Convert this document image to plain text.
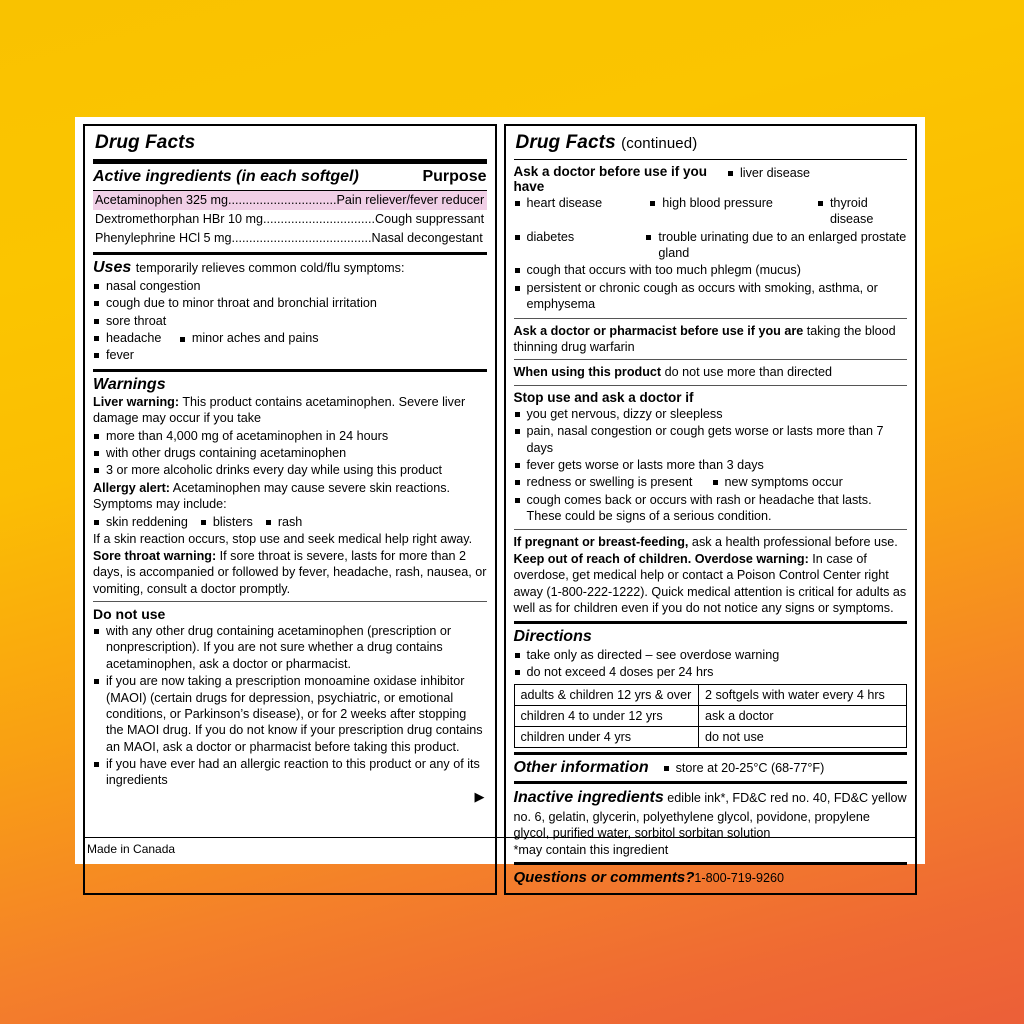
Drug Facts
Active ingredients (in each softgel)	Purpose
Acetaminophen 325 mg...............................Pain reliever/fever reducer
Dextromethorphan HBr 10 mg................................Cough suppressant
Phenylephrine HCl 5 mg........................................Nasal decongestant
Uses temporarily relieves common cold/flu symptoms:
nasal congestion
cough due to minor throat and bronchial irritation
sore throat
headache minor aches and pains
fever
Warnings
Liver warning: This product contains acetaminophen. Severe liver damage may occur if you take
more than 4,000 mg of acetaminophen in 24 hours
with other drugs containing acetaminophen
3 or more alcoholic drinks every day while using this product
Allergy alert: Acetaminophen may cause severe skin reactions. Symptoms may include:
skin reddening blisters rash
If a skin reaction occurs, stop use and seek medical help right away.
Sore throat warning: If sore throat is severe, lasts for more than 2 days, is accompanied or followed by fever, headache, rash, nausea, or vomiting, consult a doctor promptly.
Do not use
with any other drug containing acetaminophen (prescription or nonprescription). If you are not sure whether a drug contains acetaminophen, ask a doctor or pharmacist.
if you are now taking a prescription monoamine oxidase inhibitor (MAOI) (certain drugs for depression, psychiatric, or emotional conditions, or Parkinson’s disease), or for 2 weeks after stopping the MAOI drug. If you do not know if your prescription drug contains an MAOI, ask a doctor or pharmacist before taking this product.
if you have ever had an allergic reaction to this product or any of its ingredients
▶
Drug Facts (continued)
Ask a doctor before use if you have
liver disease
heart disease	high blood pressure	thyroid disease
diabetes	trouble urinating due to an enlarged prostate gland
cough that occurs with too much phlegm (mucus)
persistent or chronic cough as occurs with smoking, asthma, or emphysema
Ask a doctor or pharmacist before use if you are taking the blood thinning drug warfarin
When using this product do not use more than directed
Stop use and ask a doctor if
you get nervous, dizzy or sleepless
pain, nasal congestion or cough gets worse or lasts more than 7 days
fever gets worse or lasts more than 3 days
redness or swelling is present	new symptoms occur
cough comes back or occurs with rash or headache that lasts.
These could be signs of a serious condition.
If pregnant or breast-feeding, ask a health professional before use.
Keep out of reach of children. Overdose warning: In case of overdose, get medical help or contact a Poison Control Center right away (1-800-222-1222). Quick medical attention is critical for adults as well as for children even if you do not notice any signs or symptoms.
Directions
take only as directed – see overdose warning
do not exceed 4 doses per 24 hrs
adults & children 12 yrs & over	2 softgels with water every 4 hrs
children 4 to under 12 yrs	ask a doctor
children under 4 yrs	do not use
Other information	store at 20-25°C (68-77°F)
Inactive ingredients edible ink*, FD&C red no. 40, FD&C yellow no. 6, gelatin, glycerin, polyethylene glycol, povidone, propylene glycol, purified water, sorbitol sorbitan solution
*may contain this ingredient
Questions or comments?1-800-719-9260
Made in Canada
